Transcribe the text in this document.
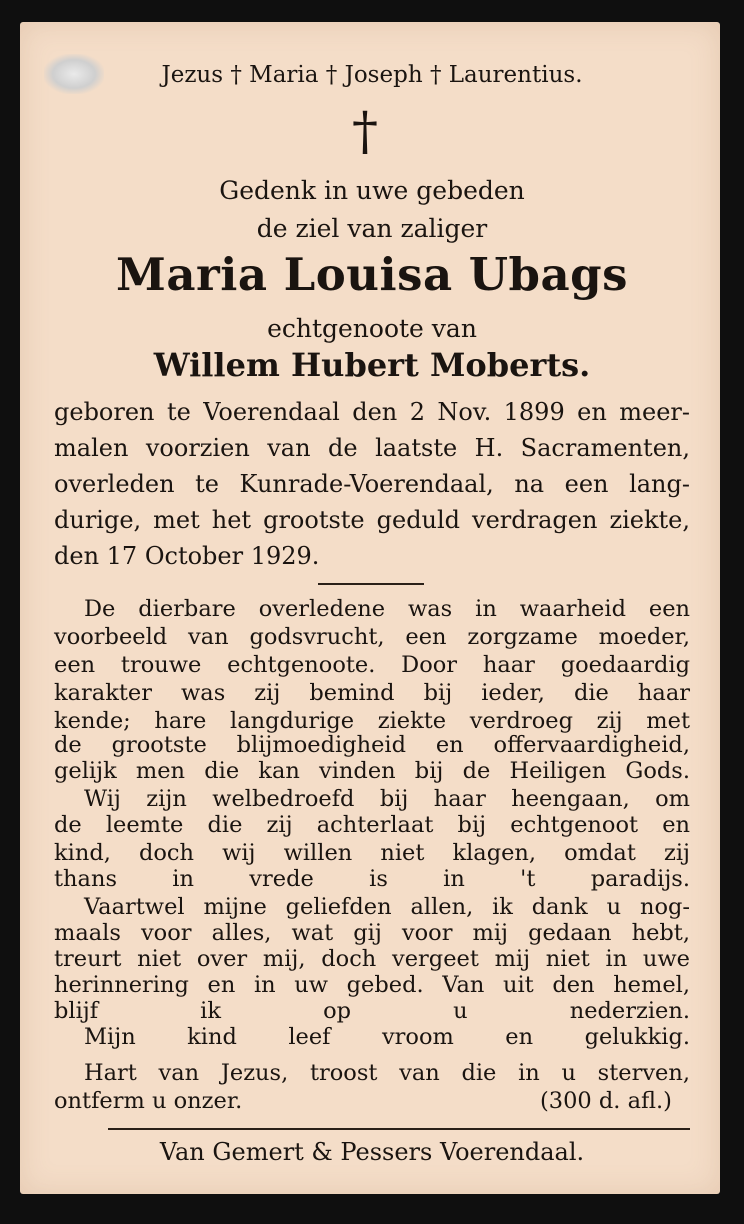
Jezus † Maria † Joseph † Laurentius.
†
Gedenk in uwe gebeden
de ziel van zaliger
Maria Louisa Ubags
echtgenoote van
Willem Hubert Moberts.
geboren te Voerendaal den 2 Nov. 1899 en meer-
malen voorzien van de laatste H. Sacramenten,
overleden te Kunrade-Voerendaal, na een lang-
durige, met het grootste geduld verdragen ziekte,
den 17 October 1929.
De dierbare overledene was in waarheid een
voorbeeld van godsvrucht, een zorgzame moeder,
een trouwe echtgenoote. Door haar goedaardig
karakter was zij bemind bij ieder, die haar
kende; hare langdurige ziekte verdroeg zij met
de grootste blijmoedigheid en offervaardigheid,
gelijk men die kan vinden bij de Heiligen Gods.
Wij zijn welbedroefd bij haar heengaan, om
de leemte die zij achterlaat bij echtgenoot en
kind, doch wij willen niet klagen, omdat zij
thans in vrede is in 't paradijs.
Vaartwel mijne geliefden allen, ik dank u nog-
maals voor alles, wat gij voor mij gedaan hebt,
treurt niet over mij, doch vergeet mij niet in uwe
herinnering en in uw gebed. Van uit den hemel,
blijf ik op u nederzien.
Mijn kind leef vroom en gelukkig.
Hart van Jezus, troost van die in u sterven,
ontferm u onzer.	(300 d. afl.)
Van Gemert & Pessers Voerendaal.
